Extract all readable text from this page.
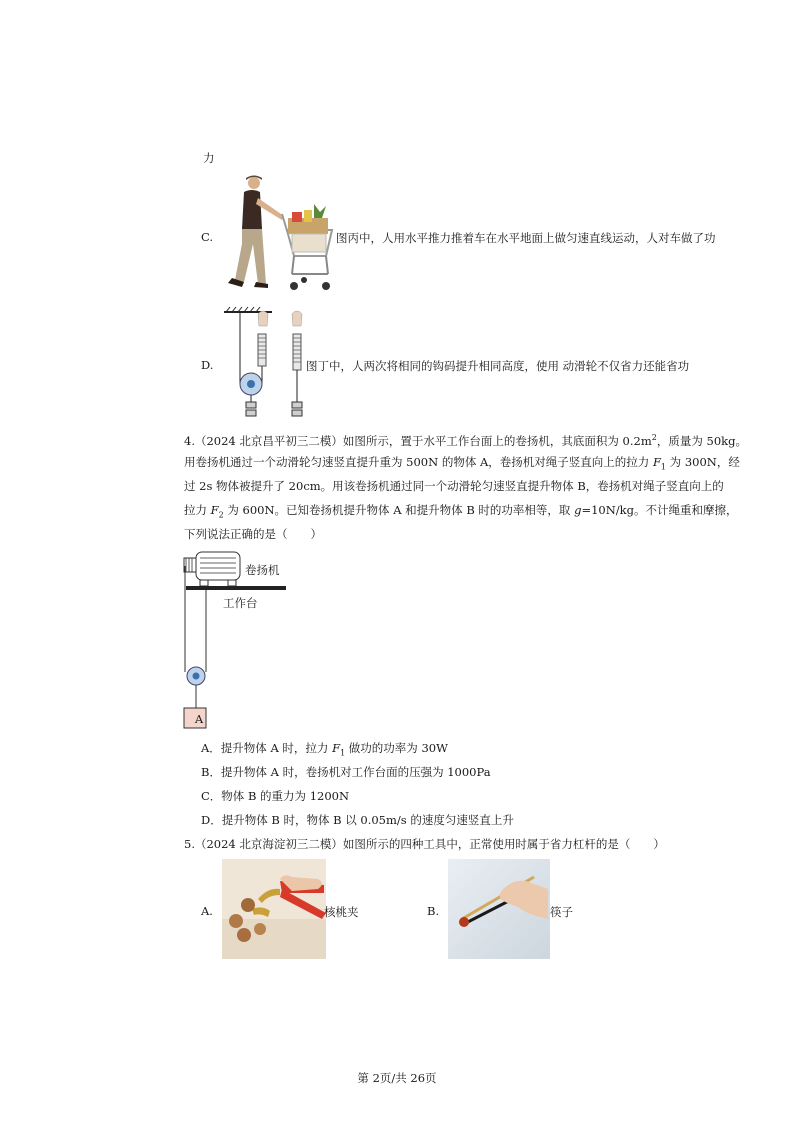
力
C.	图丙中，人用水平推力推着车在水平地面上做匀速直线运动，人对车做了功
D.	图丁中，人两次将相同的钩码提升相同高度，使用 动滑轮不仅省力还能省功
4.（2024 北京昌平初三二模）如图所示，置于水平工作台面上的卷扬机，其底面积为 $0.2m^2$，质量为 50kg。
用卷扬机通过一个动滑轮匀速竖直提升重为 500N 的物体 A，卷扬机对绳子竖直向上的拉力 $F_1$ 为 300N，经
过 2s 物体被提升了 20cm。用该卷扬机通过同一个动滑轮匀速竖直提升物体 B，卷扬机对绳子竖直向上的
拉力 $F_2$ 为 600N。已知卷扬机提升物体 A 和提升物体 B 时的功率相等，取 g=10N/kg。不计绳重和摩擦，
下列说法正确的是（　　）
卷扬机
工作台
A
A．提升物体 A 时，拉力 $F_1$ 做功的功率为 30W
B．提升物体 A 时，卷扬机对工作台面的压强为 1000Pa
C．物体 B 的重力为 1200N
D．提升物体 B 时，物体 B 以 0.05m/s 的速度匀速竖直上升
5.（2024 北京海淀初三二模）如图所示的四种工具中，正常使用时属于省力杠杆的是（　　）
A.	核桃夹	B.	筷子
第 2页/共 26页
